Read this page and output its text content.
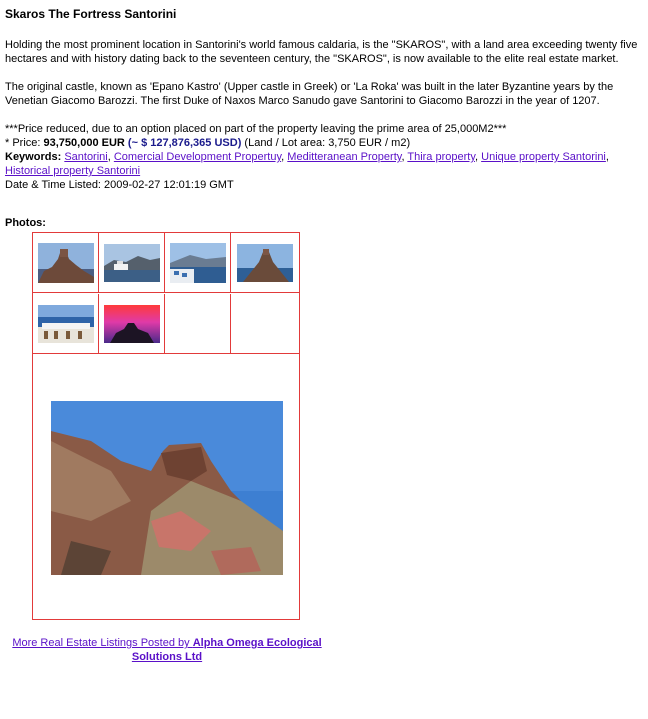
Skaros The Fortress Santorini

Holding the most prominent location in Santorini's world famous caldaria, is the "SKAROS", with a land area exceeding twenty five hectares and with history dating back to the seventeen century, the "SKAROS", is now available to the elite real estate market.

The original castle, known as 'Epano Kastro' (Upper castle in Greek) or 'La Roka' was built in the later Byzantine years by the Venetian Giacomo Barozzi. The first Duke of Naxos Marco Sanudo gave Santorini to Giacomo Barozzi in the year of 1207.

***Price reduced, due to an option placed on part of the property leaving the prime area of 25,000M2***

* Price: 93,750,000 EUR (~ $ 127,876,365 USD) (Land / Lot area: 3,750 EUR / m2)

Keywords: Santorini, Comercial Development Propertuy, Meditteranean Property, Thira property, Unique property Santorini, Historical property Santorini

Date & Time Listed: 2009-02-27 12:01:19 GMT

Photos:
More Real Estate Listings Posted by Alpha Omega Ecological Solutions Ltd
